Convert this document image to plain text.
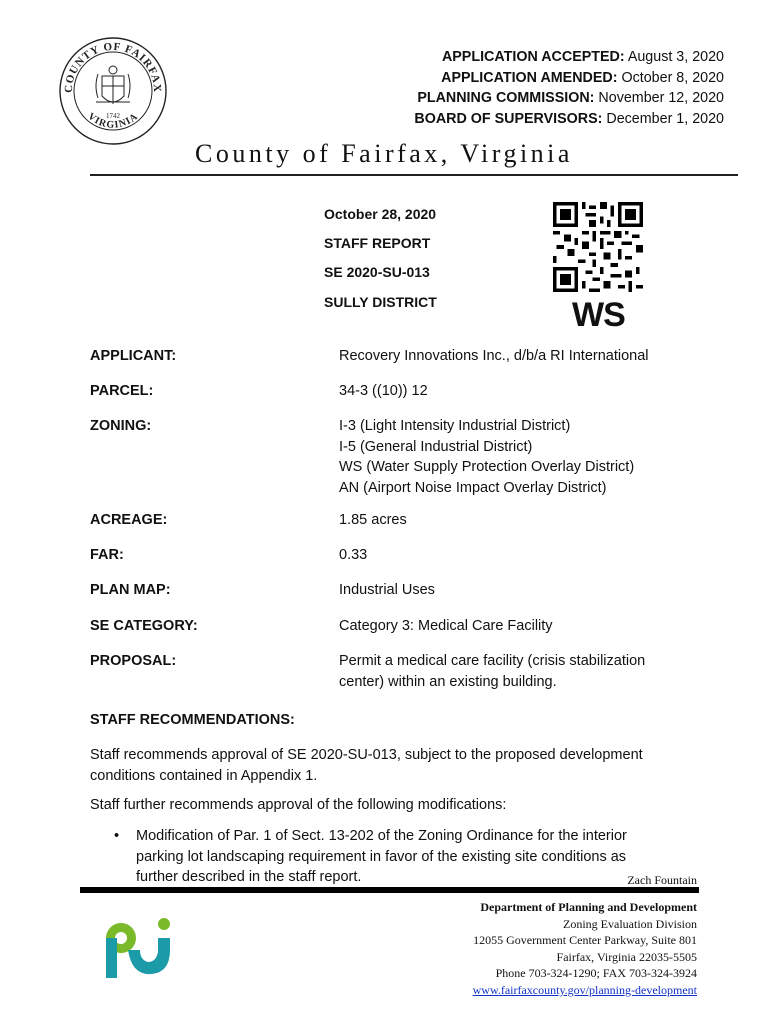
COUNTY OF FAIRFAX
VIRGINIA
1742
APPLICATION ACCEPTED: August 3, 2020
APPLICATION AMENDED: October 8, 2020
PLANNING COMMISSION: November 12, 2020
BOARD OF SUPERVISORS: December 1, 2020
County of Fairfax, Virginia
October 28, 2020
STAFF REPORT
SE 2020-SU-013
SULLY DISTRICT	WS
APPLICANT:	Recovery Innovations Inc., d/b/a RI International
PARCEL:	34-3 ((10)) 12
ZONING:	I-3 (Light Intensity Industrial District)
I-5 (General Industrial District)
WS (Water Supply Protection Overlay District)
AN (Airport Noise Impact Overlay District)
ACREAGE:	1.85 acres
FAR:	0.33
PLAN MAP:	Industrial Uses
SE CATEGORY:	Category 3: Medical Care Facility
PROPOSAL:	Permit a medical care facility (crisis stabilization
center) within an existing building.
STAFF RECOMMENDATIONS:
Staff recommends approval of SE 2020-SU-013, subject to the proposed development
conditions contained in Appendix 1.
Staff further recommends approval of the following modifications:
• Modification of Par. 1 of Sect. 13-202 of the Zoning Ordinance for the interior
parking lot landscaping requirement in favor of the existing site conditions as
further described in the staff report.	Zach Fountain
Department of Planning and Development
Zoning Evaluation Division
12055 Government Center Parkway, Suite 801
Fairfax, Virginia 22035-5505
Phone 703-324-1290; FAX 703-324-3924
www.fairfaxcounty.gov/planning-development
